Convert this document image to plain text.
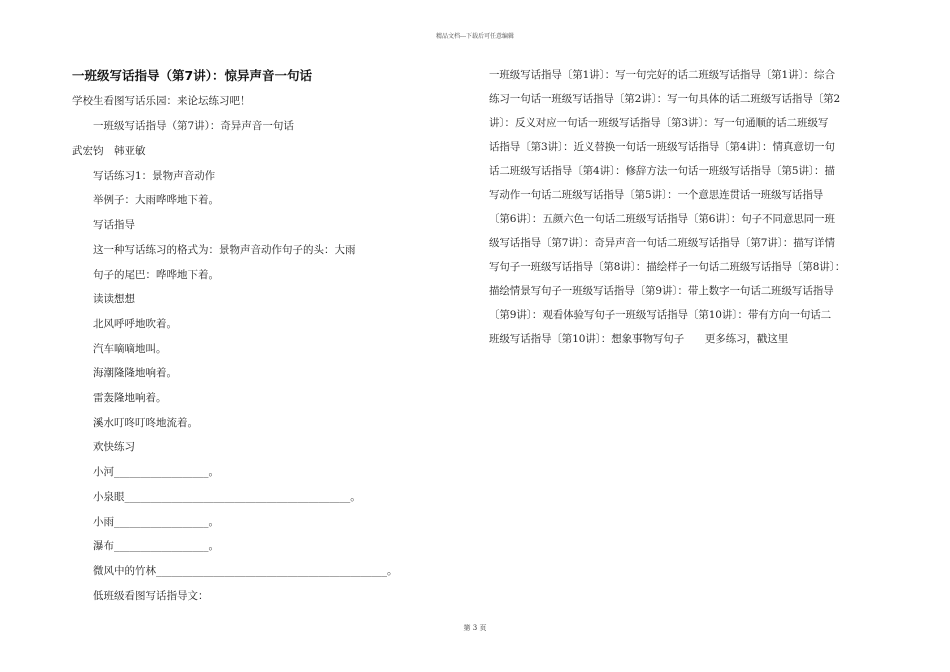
精品文档---下载后可任意编辑
一班级写话指导（第7讲）：惊异声音一句话
学校生看图写话乐园：来论坛练习吧！
一班级写话指导（第7讲）：奇异声音一句话
武宏钧　韩亚敏
写话练习1：景物声音动作
举例子：大雨哗哗地下着。
写话指导
这一种写话练习的格式为：景物声音动作句子的头：大雨
句子的尾巴：哗哗地下着。
读读想想
北风呼呼地吹着。
汽车嘀嘀地叫。
海潮隆隆地响着。
雷轰隆地响着。
溪水叮咚叮咚地流着。
欢快练习
小河__________________。
小泉眼___________________________________________。
小雨__________________。
瀑布__________________。
微风中的竹林____________________________________________。
低班级看图写话指导文：
一班级写话指导〔第1讲〕：写一句完好的话二班级写话指导〔第1讲〕：综合
练习一句话一班级写话指导〔第2讲〕：写一句具体的话二班级写话指导〔第2
讲〕：反义对应一句话一班级写话指导〔第3讲〕：写一句通顺的话二班级写
话指导〔第3讲〕：近义替换一句话一班级写话指导〔第4讲〕：情真意切一句
话二班级写话指导〔第4讲〕：修辞方法一句话一班级写话指导〔第5讲〕：描
写动作一句话二班级写话指导〔第5讲〕：一个意思连贯话一班级写话指导
〔第6讲〕：五颜六色一句话二班级写话指导〔第6讲〕：句子不同意思同一班
级写话指导〔第7讲〕：奇异声音一句话二班级写话指导〔第7讲〕：描写详情
写句子一班级写话指导〔第8讲〕：描绘样子一句话二班级写话指导〔第8讲〕：
描绘情景写句子一班级写话指导〔第9讲〕：带上数字一句话二班级写话指导
〔第9讲〕：观看体验写句子一班级写话指导〔第10讲〕：带有方向一句话二
班级写话指导〔第10讲〕：想象事物写句子　　更多练习，戳这里
第 3 页
